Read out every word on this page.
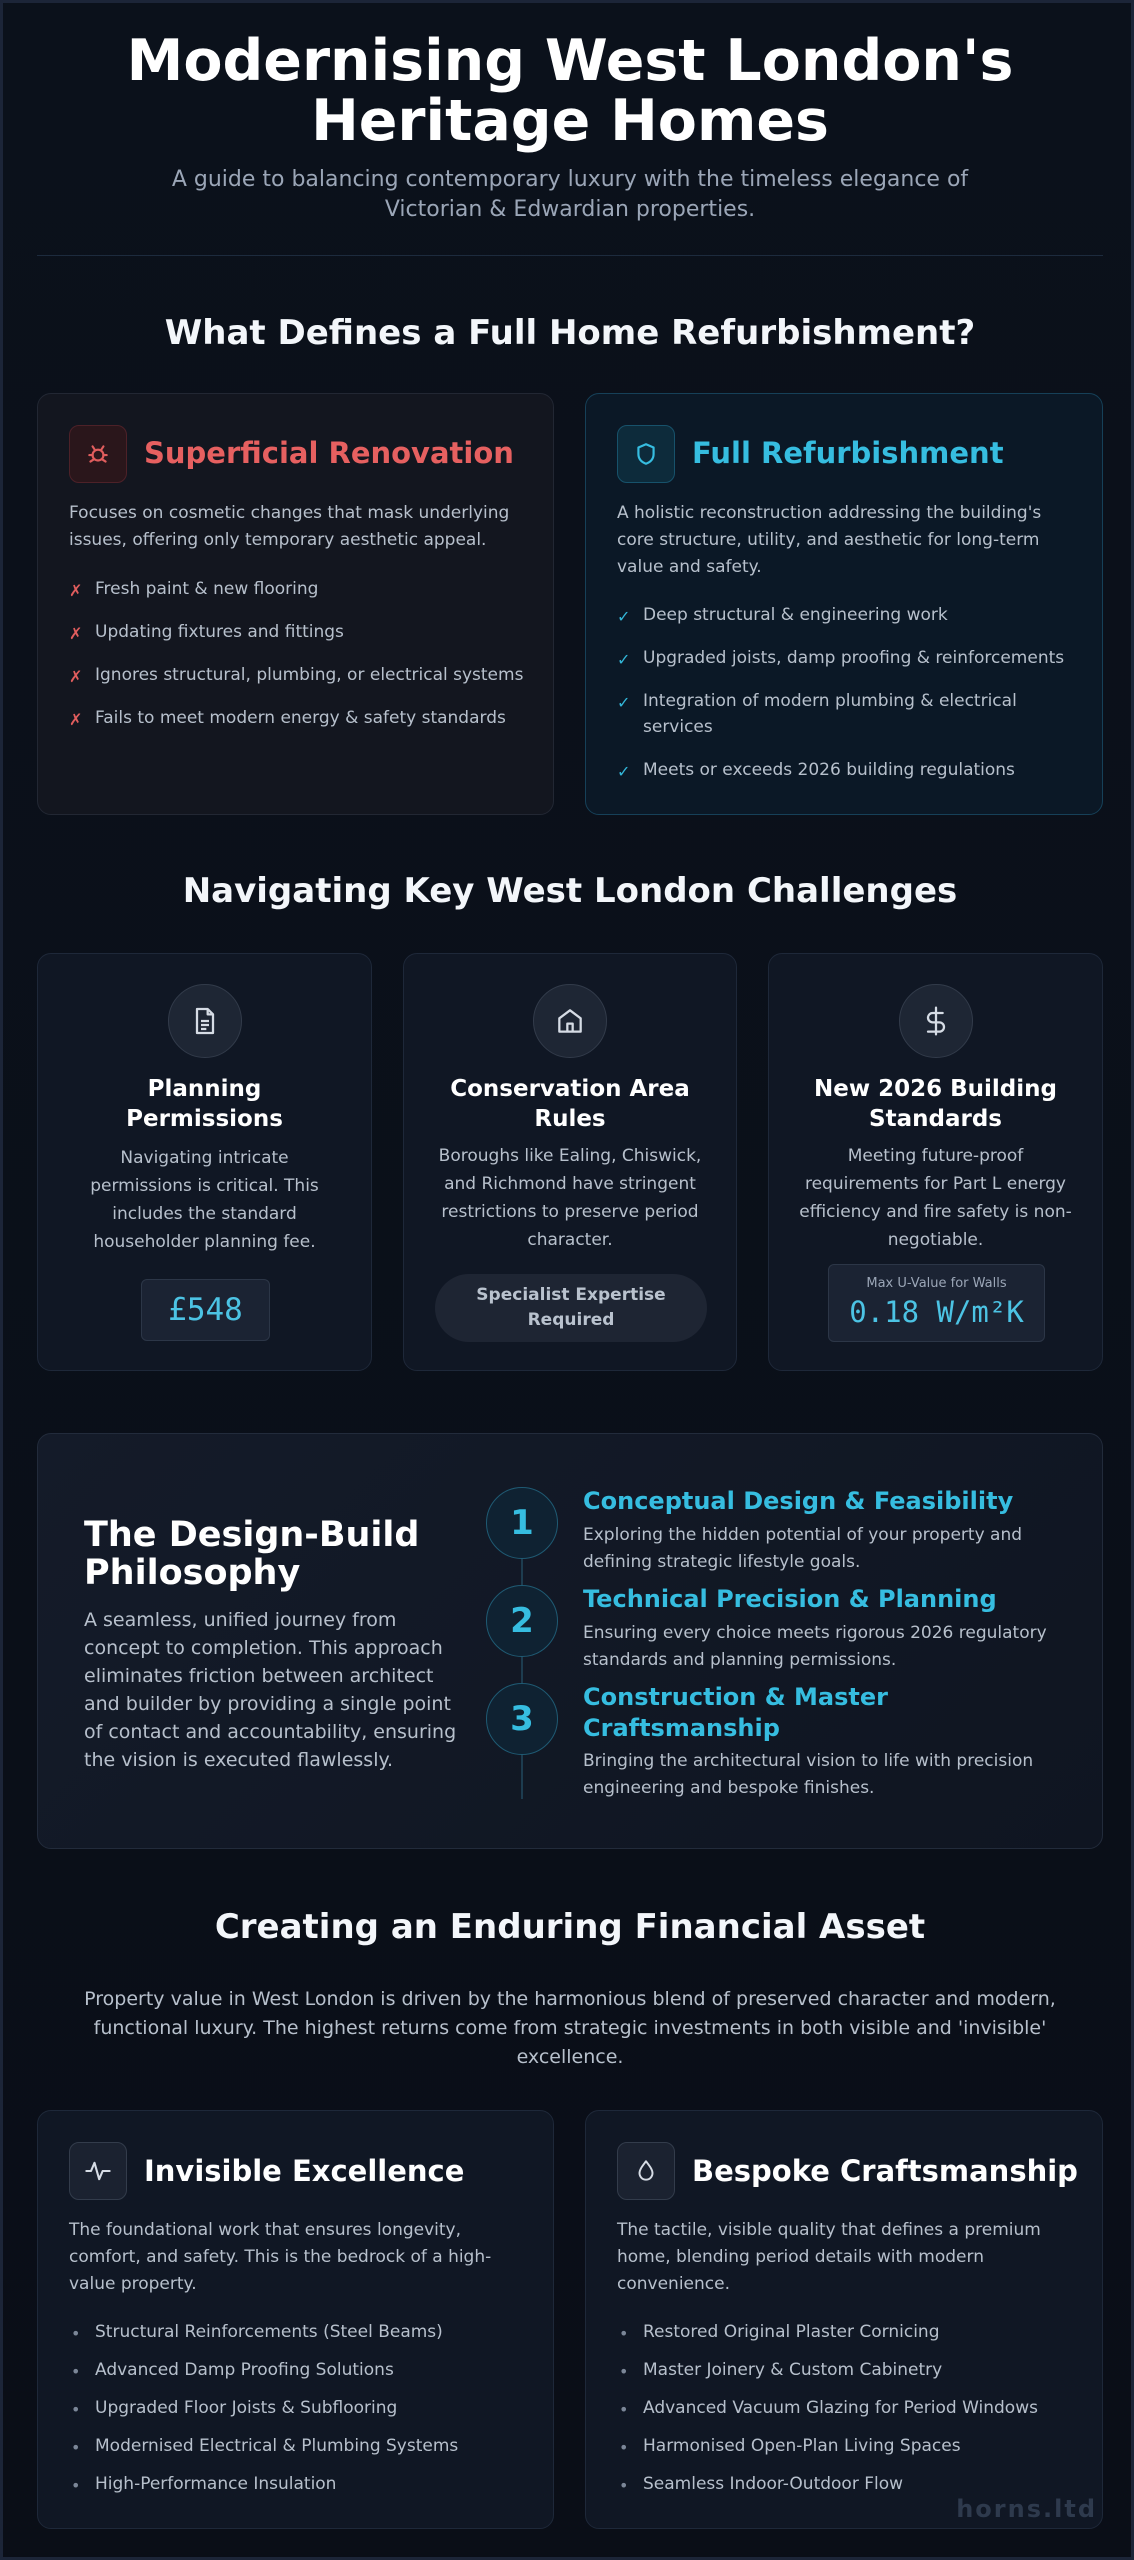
Modernising West London's Heritage Homes

A guide to balancing contemporary luxury with the timeless elegance of Victorian & Edwardian properties.

What Defines a Full Home Refurbishment?
Superficial Renovation

Focuses on cosmetic changes that mask underlying issues, offering only temporary aesthetic appeal.

✗ Fresh paint & new flooring
✗ Updating fixtures and fittings
✗ Ignores structural, plumbing, or electrical systems
✗ Fails to meet modern energy & safety standards
Full Refurbishment

A holistic reconstruction addressing the building's core structure, utility, and aesthetic for long-term value and safety.

✓ Deep structural & engineering work
✓ Upgraded joists, damp proofing & reinforcements
✓ Integration of modern plumbing & electrical services
✓ Meets or exceeds 2026 building regulations
Navigating Key West London Challenges
Planning Permissions

Navigating intricate permissions is critical. This includes the standard householder planning fee.

£548
Conservation Area Rules

Boroughs like Ealing, Chiswick, and Richmond have stringent restrictions to preserve period character.

Specialist Expertise Required
New 2026 Building Standards

Meeting future-proof requirements for Part L energy efficiency and fire safety is non-negotiable.

Max U-Value for Walls
0.18 W/m²K
The Design-Build Philosophy

A seamless, unified journey from concept to completion. This approach eliminates friction between architect and builder by providing a single point of contact and accountability, ensuring the vision is executed flawlessly.

1
Conceptual Design & Feasibility

Exploring the hidden potential of your property and defining strategic lifestyle goals.

2
Technical Precision & Planning

Ensuring every choice meets rigorous 2026 regulatory standards and planning permissions.

3
Construction & Master Craftsmanship

Bringing the architectural vision to life with precision engineering and bespoke finishes.

Creating an Enduring Financial Asset

Property value in West London is driven by the harmonious blend of preserved character and modern, functional luxury. The highest returns come from strategic investments in both visible and 'invisible' excellence.

Invisible Excellence

The foundational work that ensures longevity, comfort, and safety. This is the bedrock of a high-value property.

• Structural Reinforcements (Steel Beams)
• Advanced Damp Proofing Solutions
• Upgraded Floor Joists & Subflooring
• Modernised Electrical & Plumbing Systems
• High-Performance Insulation
Bespoke Craftsmanship

The tactile, visible quality that defines a premium home, blending period details with modern convenience.

• Restored Original Plaster Cornicing
• Master Joinery & Custom Cabinetry
• Advanced Vacuum Glazing for Period Windows
• Harmonised Open-Plan Living Spaces
• Seamless Indoor-Outdoor Flow
horns.ltd
